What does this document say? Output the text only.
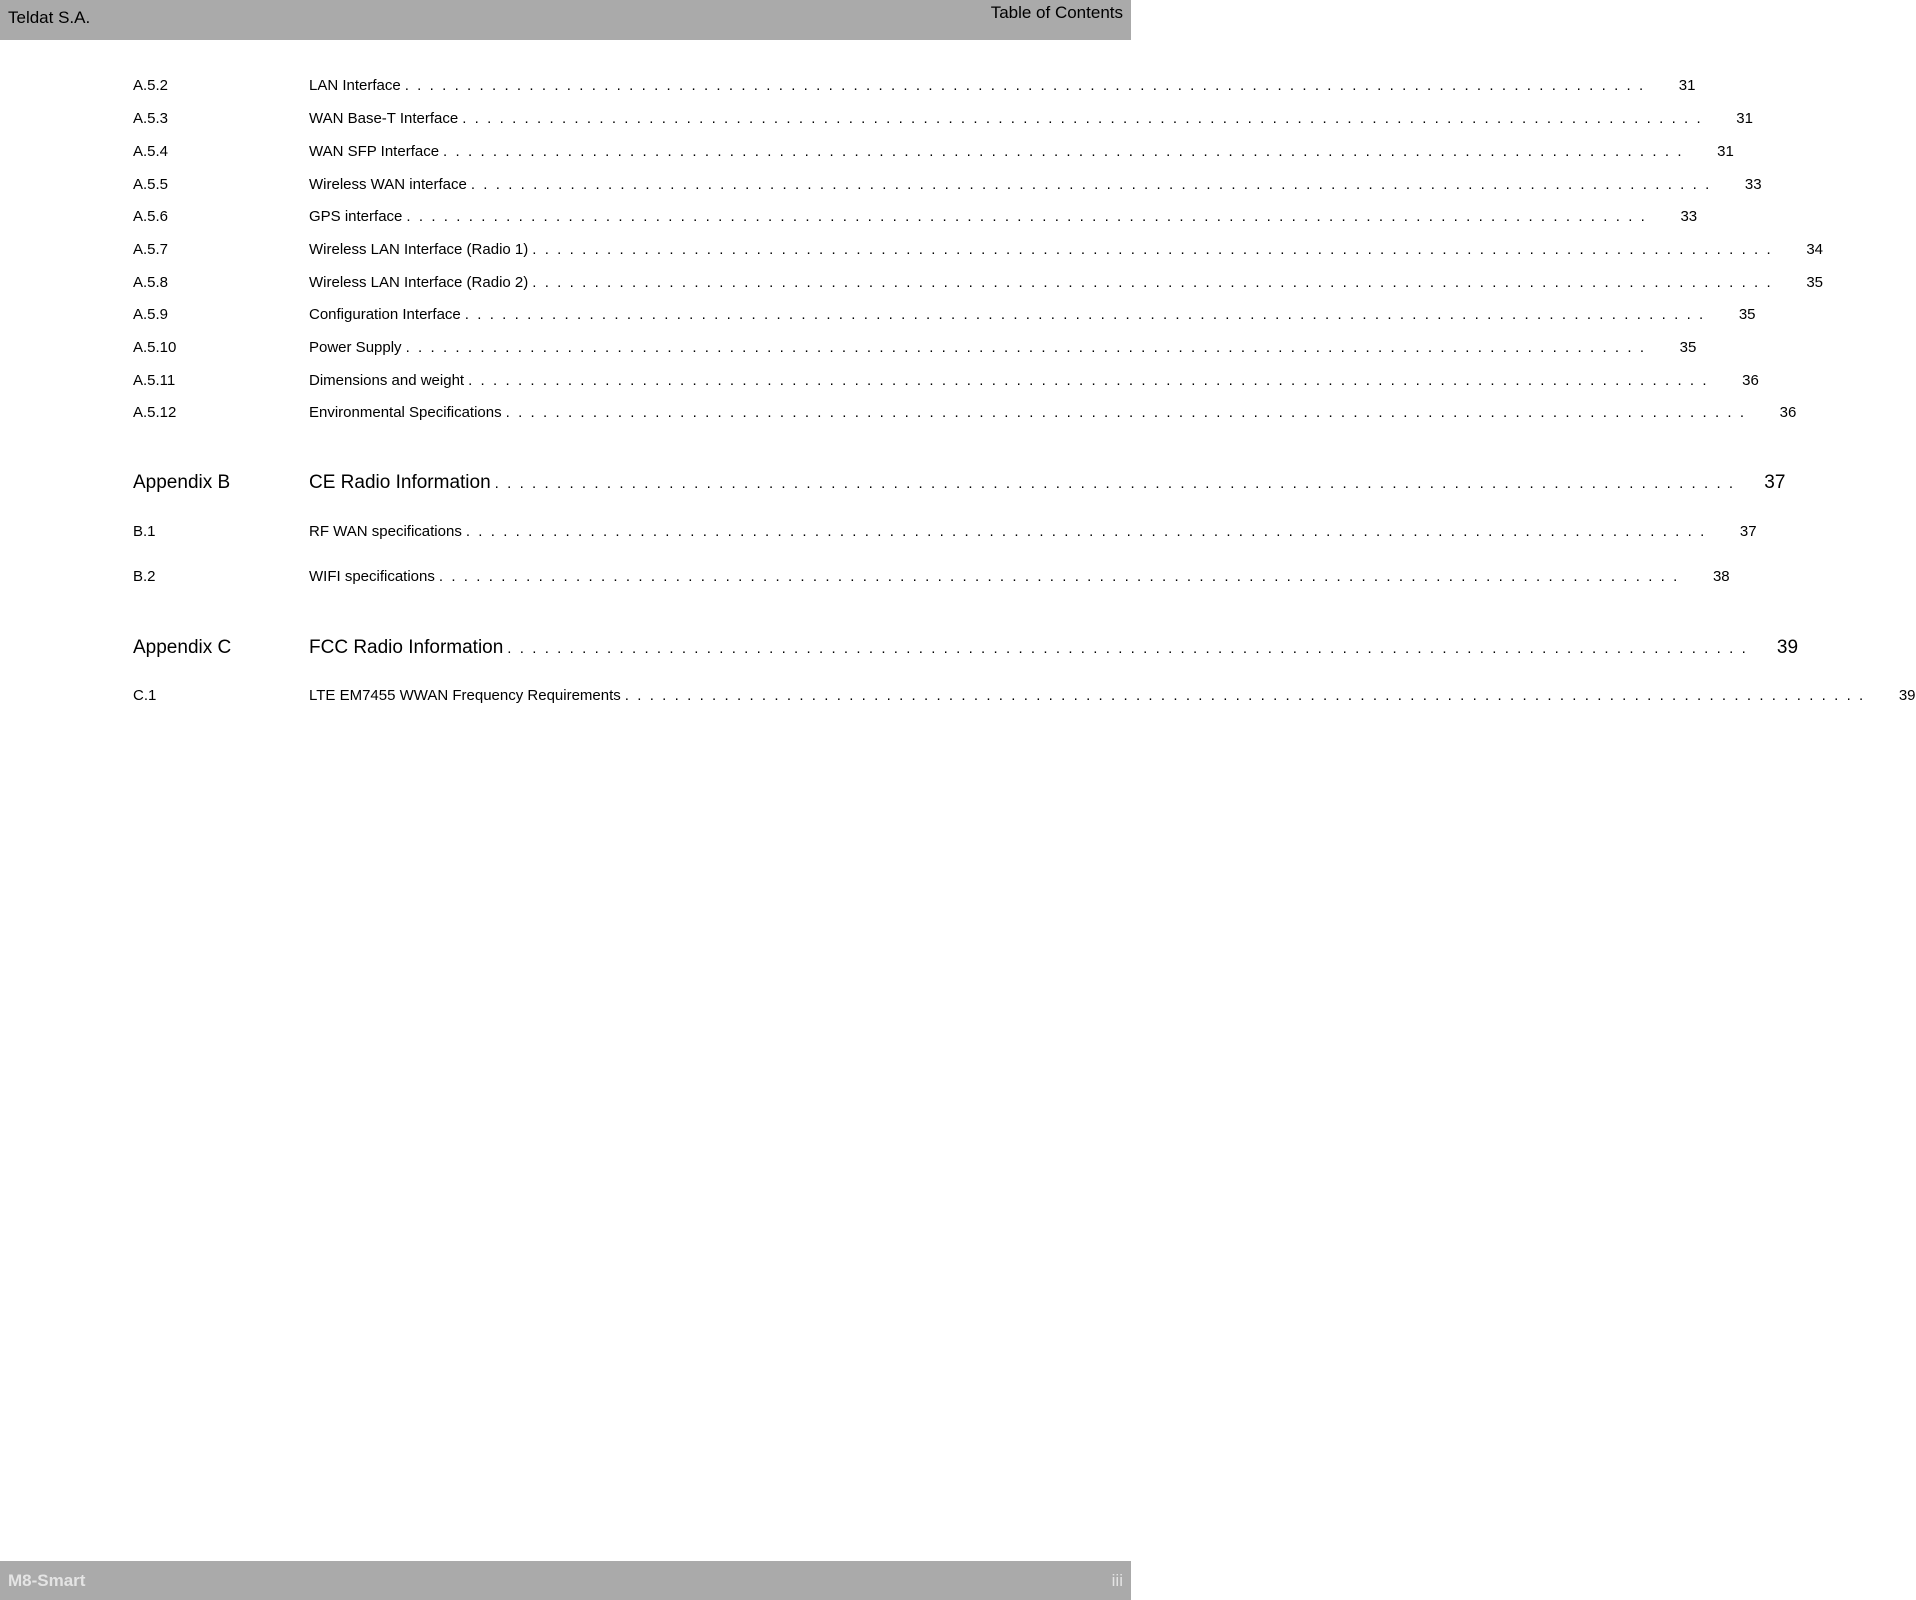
Teldat S.A.	Table of Contents
A.5.2	LAN Interface ....................................................................................................	31
A.5.3	WAN Base-T Interface ....................................................................................................	31
A.5.4	WAN SFP Interface ....................................................................................................	31
A.5.5	Wireless WAN interface ....................................................................................................	33
A.5.6	GPS interface ....................................................................................................	33
A.5.7	Wireless LAN Interface (Radio 1) ....................................................................................................	34
A.5.8	Wireless LAN Interface (Radio 2) ....................................................................................................	35
A.5.9	Configuration Interface ....................................................................................................	35
A.5.10	Power Supply ....................................................................................................	35
A.5.11	Dimensions and weight ....................................................................................................	36
A.5.12	Environmental Specifications ....................................................................................................	36
Appendix B	CE Radio Information ....................................................................................................	37
B.1	RF WAN specifications ....................................................................................................	37
B.2	WIFI specifications ....................................................................................................	38
Appendix C	FCC Radio Information ....................................................................................................	39
C.1	LTE EM7455 WWAN Frequency Requirements ....................................................................................................	39
M8-Smart	iii
